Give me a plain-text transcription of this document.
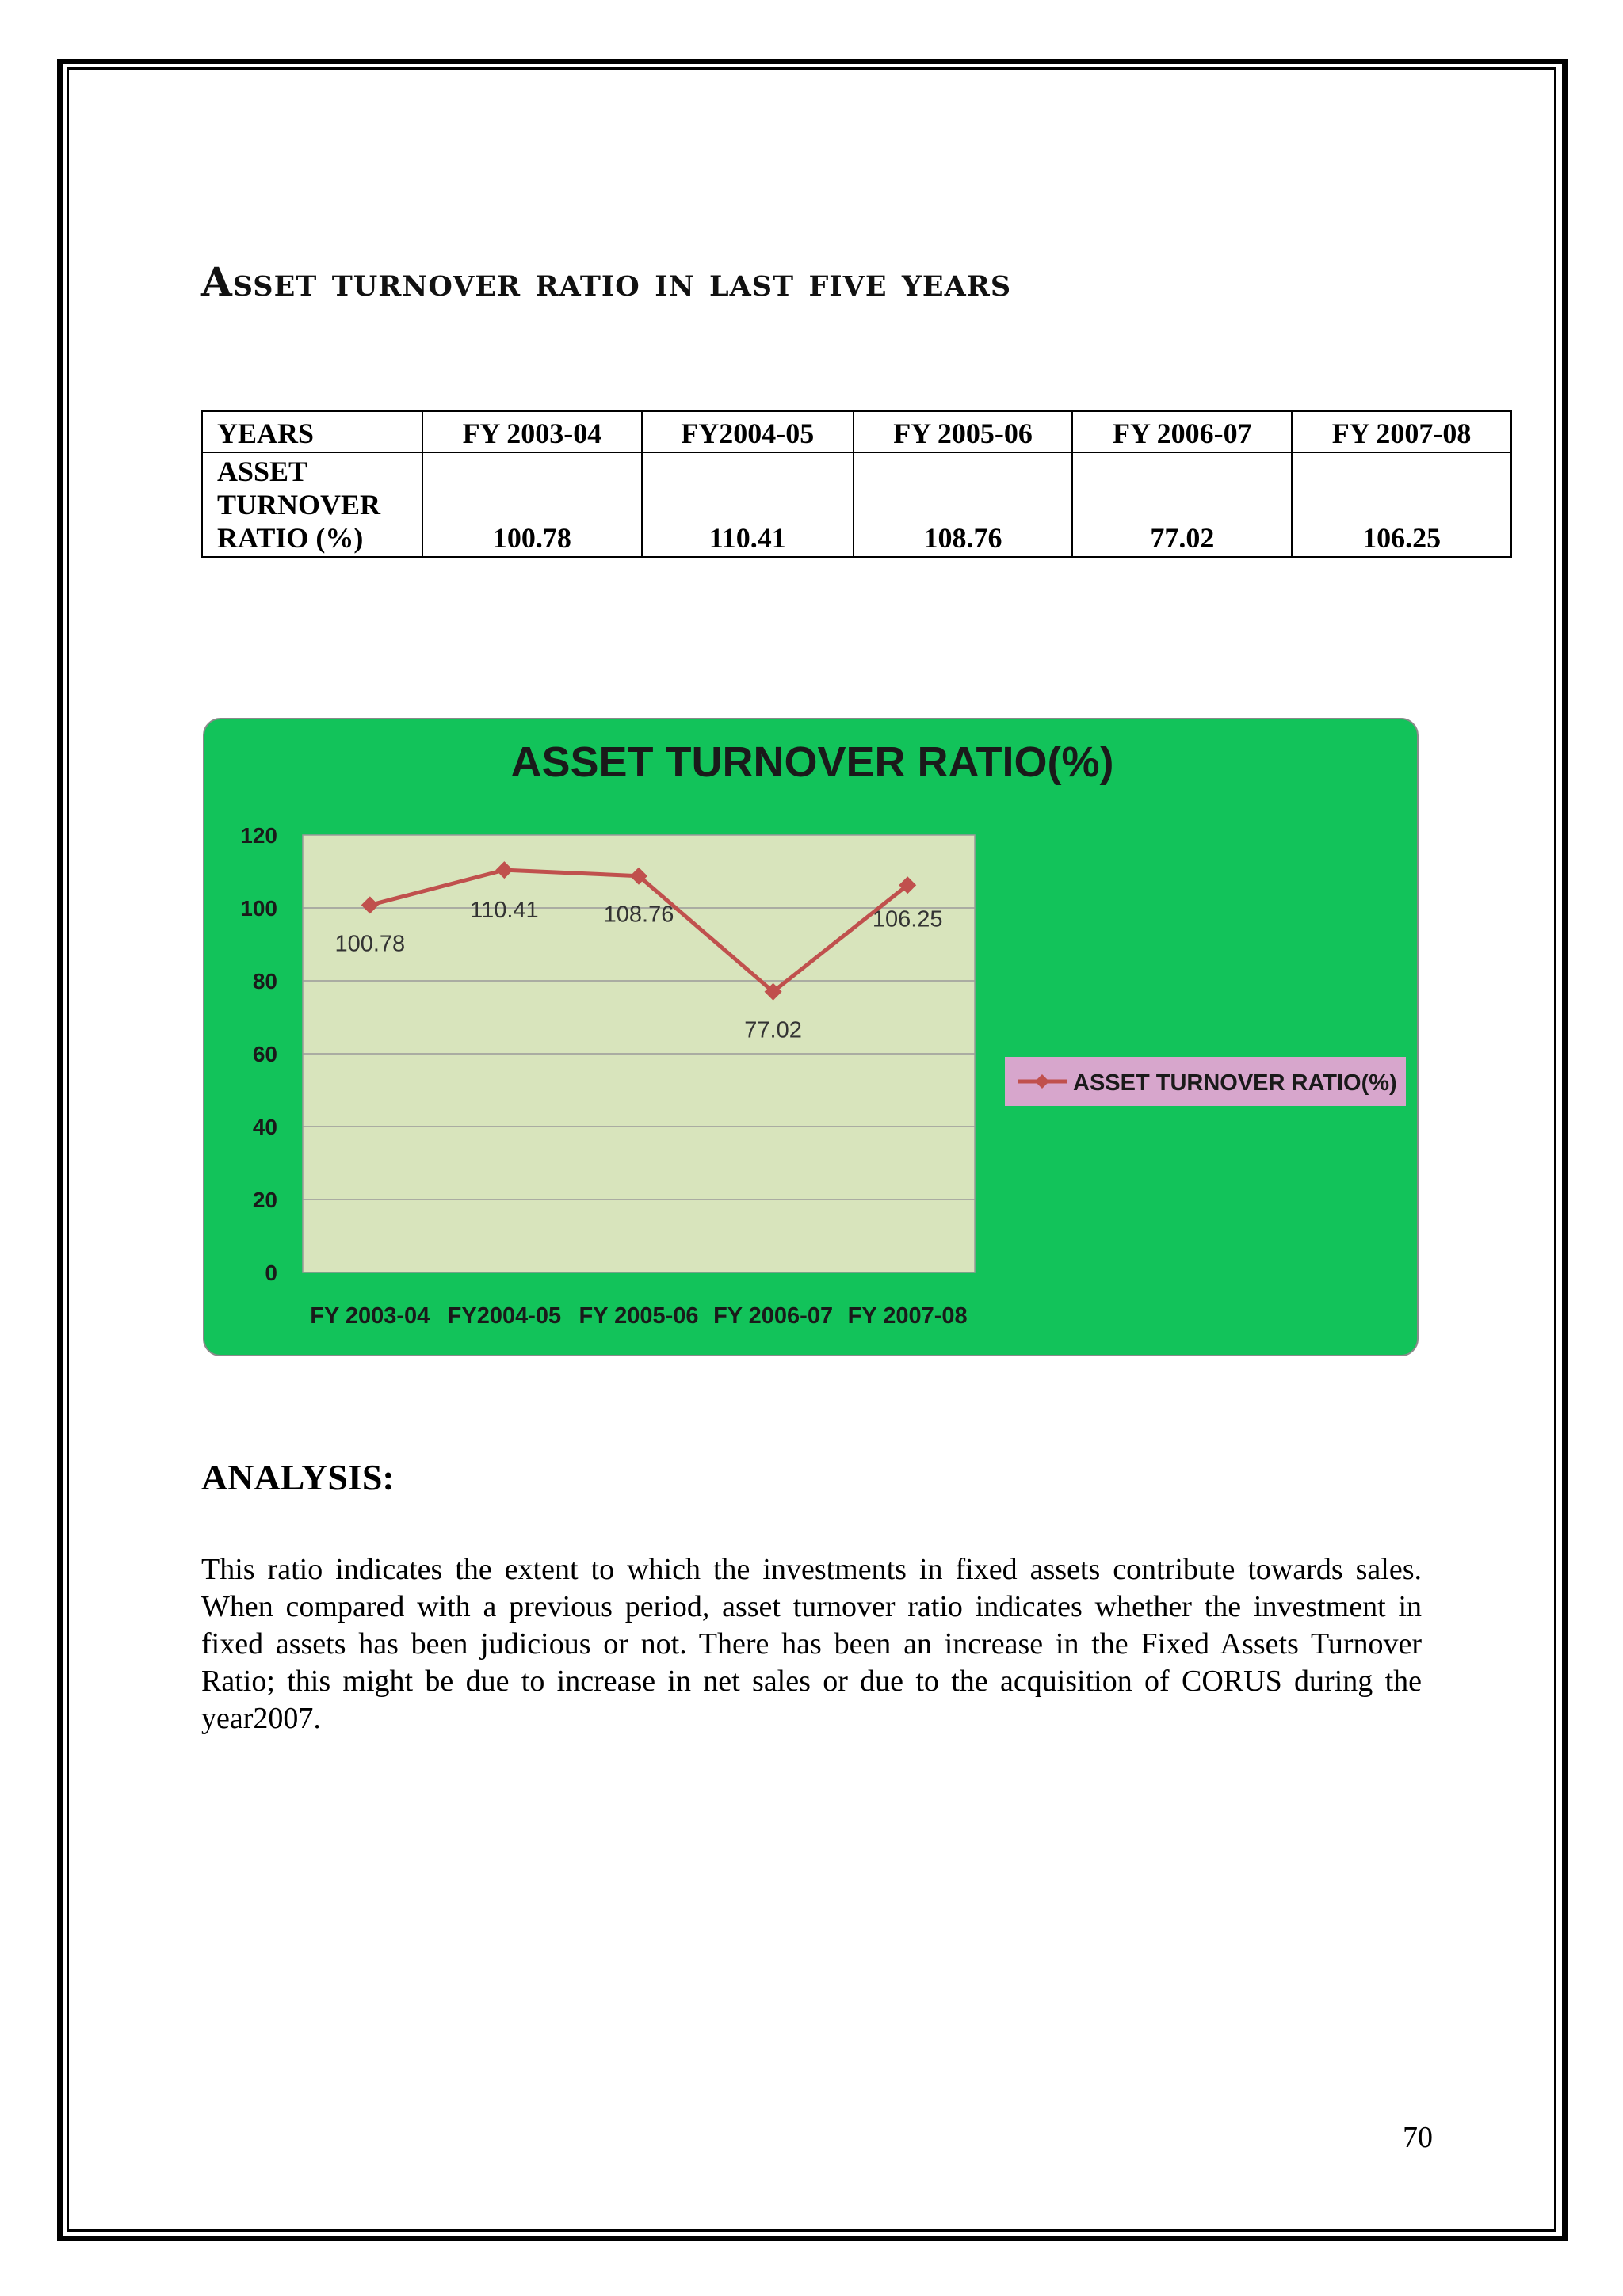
Asset turnover ratio in last five years
YEARS	FY 2003-04	FY2004-05	FY 2005-06	FY 2006-07	FY 2007-08

ASSET TURNOVER
RATIO (%)	100.78	110.41	108.76	77.02	106.25
ASSET TURNOVER RATIO(%)
0
20
40
60
80
100
120
FY 2003-04 FY2004-05 FY 2005-06 FY 2006-07 FY 2007-08
100.78
110.41	108.76
77.02
106.25
ASSET TURNOVER RATIO(%)
ANALYSIS:

This ratio indicates the extent to which the investments in fixed assets contribute towards sales. When compared with a previous period, asset turnover ratio indicates whether the investment in fixed assets has been judicious or not. There has been an increase in the Fixed Assets Turnover Ratio; this might be due to increase in net sales or due to the acquisition of CORUS during the year2007.

70
